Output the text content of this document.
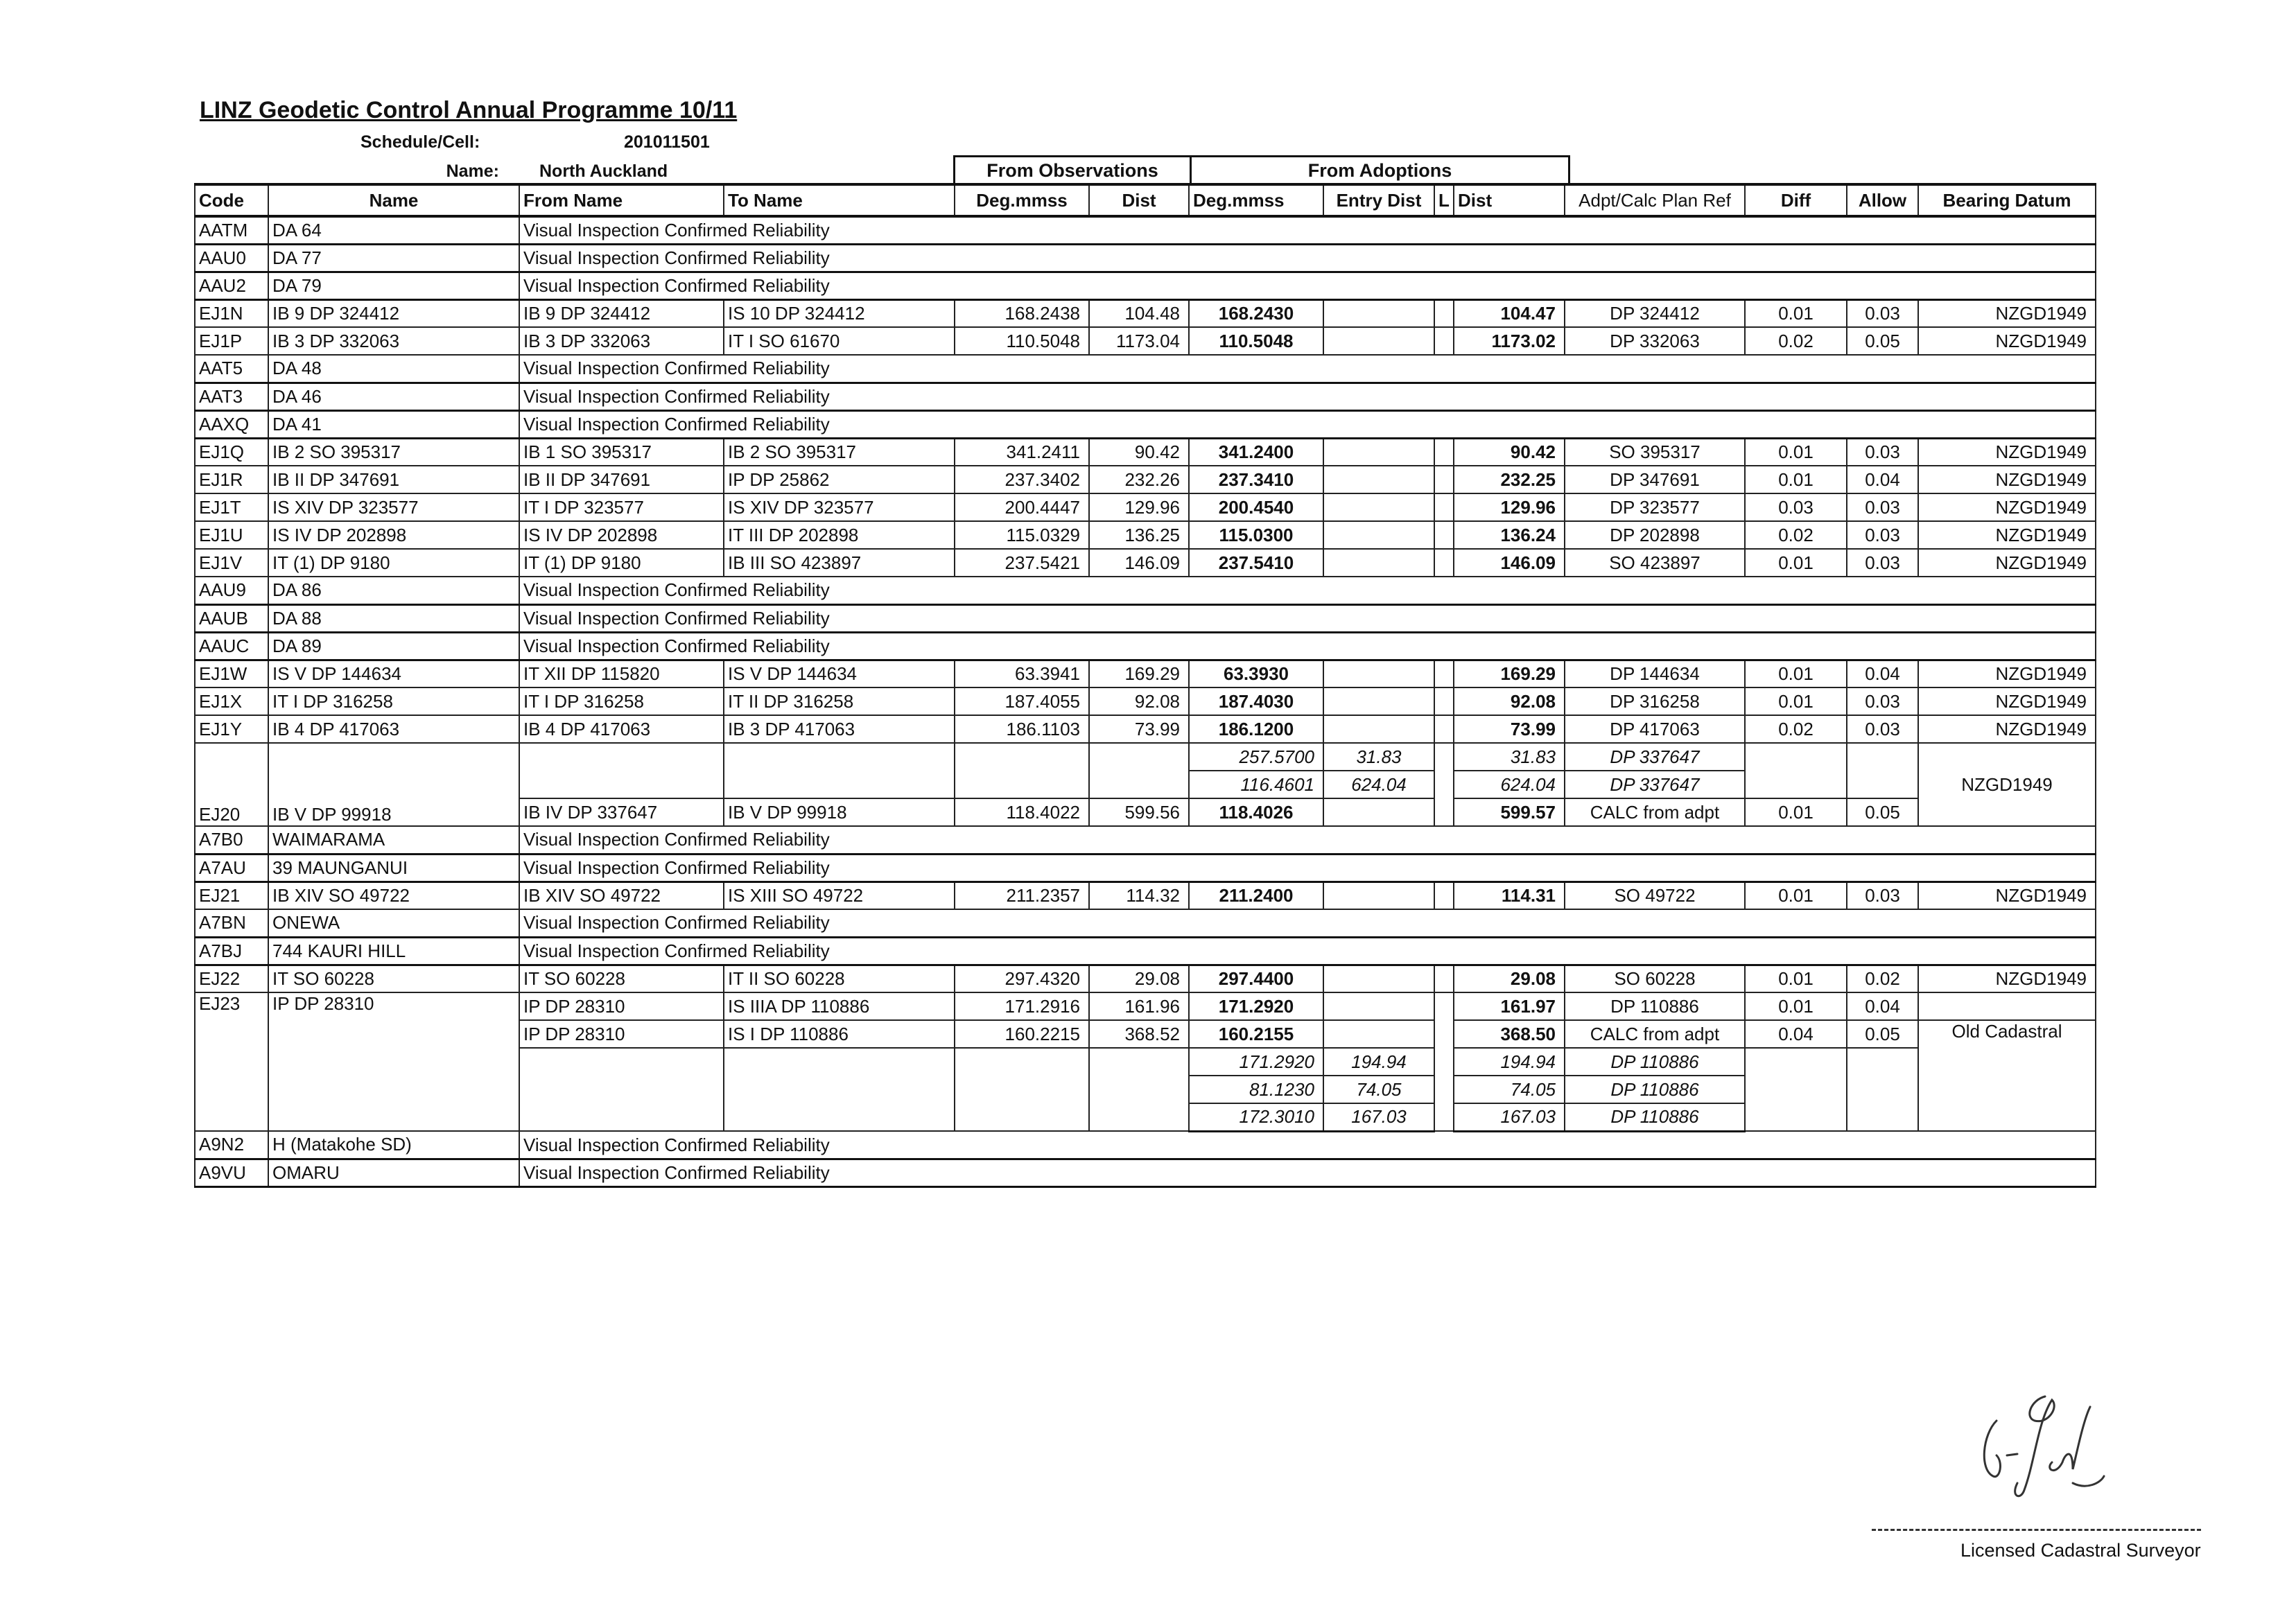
LINZ Geodetic Control Annual Programme 10/11
Schedule/Cell:	201011501
Name: North Auckland	From Observations	From Adoptions
Code	Name	From Name	To Name	Deg.mmss	Dist	Deg.mmss	Entry Dist	L	Dist	Adpt/Calc Plan Ref	Diff	Allow	Bearing Datum
AATM	DA 64	Visual Inspection Confirmed Reliability											
AAU0	DA 77	Visual Inspection Confirmed Reliability											
AAU2	DA 79	Visual Inspection Confirmed Reliability											
EJ1N	IB 9 DP 324412	IB 9 DP 324412	IS 10 DP 324412	168.2438	104.48	168.2430			104.47	DP 324412	0.01	0.03	NZGD1949
EJ1P	IB 3 DP 332063	IB 3 DP 332063	IT I SO 61670	110.5048	1173.04	110.5048			1173.02	DP 332063	0.02	0.05	NZGD1949
AAT5	DA 48	Visual Inspection Confirmed Reliability											
AAT3	DA 46	Visual Inspection Confirmed Reliability											
AAXQ	DA 41	Visual Inspection Confirmed Reliability											
EJ1Q	IB 2 SO 395317	IB 1 SO 395317	IB 2 SO 395317	341.2411	90.42	341.2400			90.42	SO 395317	0.01	0.03	NZGD1949
EJ1R	IB II DP 347691	IB II DP 347691	IP DP 25862	237.3402	232.26	237.3410			232.25	DP 347691	0.01	0.04	NZGD1949
EJ1T	IS XIV DP 323577	IT I DP 323577	IS XIV DP 323577	200.4447	129.96	200.4540			129.96	DP 323577	0.03	0.03	NZGD1949
EJ1U	IS IV DP 202898	IS IV DP 202898	IT III DP 202898	115.0329	136.25	115.0300			136.24	DP 202898	0.02	0.03	NZGD1949
EJ1V	IT (1) DP 9180	IT (1) DP 9180	IB III SO 423897	237.5421	146.09	237.5410			146.09	SO 423897	0.01	0.03	NZGD1949
AAU9	DA 86	Visual Inspection Confirmed Reliability											
AAUB	DA 88	Visual Inspection Confirmed Reliability											
AAUC	DA 89	Visual Inspection Confirmed Reliability											
EJ1W	IS V DP 144634	IT XII DP 115820	IS V DP 144634	63.3941	169.29	63.3930			169.29	DP 144634	0.01	0.04	NZGD1949
EJ1X	IT I DP 316258	IT I DP 316258	IT II DP 316258	187.4055	92.08	187.4030			92.08	DP 316258	0.01	0.03	NZGD1949
EJ1Y	IB 4 DP 417063	IB 4 DP 417063	IB 3 DP 417063	186.1103	73.99	186.1200			73.99	DP 417063	0.02	0.03	NZGD1949
EJ20	IB V DP 99918					257.5700	31.83		31.83	DP 337647			NZGD1949
						116.4601	624.04		624.04	DP 337647			
		IB IV DP 337647	IB V DP 99918	118.4022	599.56	118.4026			599.57	CALC from adpt	0.01	0.05	
A7B0	WAIMARAMA	Visual Inspection Confirmed Reliability											
A7AU	39 MAUNGANUI	Visual Inspection Confirmed Reliability											
EJ21	IB XIV SO 49722	IB XIV SO 49722	IS XIII SO 49722	211.2357	114.32	211.2400			114.31	SO 49722	0.01	0.03	NZGD1949
A7BN	ONEWA	Visual Inspection Confirmed Reliability											
A7BJ	744 KAURI HILL	Visual Inspection Confirmed Reliability											
EJ22	IT SO 60228	IT SO 60228	IT II SO 60228	297.4320	29.08	297.4400			29.08	SO 60228	0.01	0.02	NZGD1949
EJ23	IP DP 28310	IP DP 28310	IS IIIA DP 110886	171.2916	161.96	171.2920			161.97	DP 110886	0.01	0.04	
		IP DP 28310	IS I DP 110886	160.2215	368.52	160.2155			368.50	CALC from adpt	0.04	0.05	Old Cadastral
						171.2920	194.94		194.94	DP 110886			
						81.1230	74.05		74.05	DP 110886			
						172.3010	167.03		167.03	DP 110886			
A9N2	H (Matakohe SD)	Visual Inspection Confirmed Reliability											
A9VU	OMARU	Visual Inspection Confirmed Reliability											
Licensed Cadastral Surveyor
